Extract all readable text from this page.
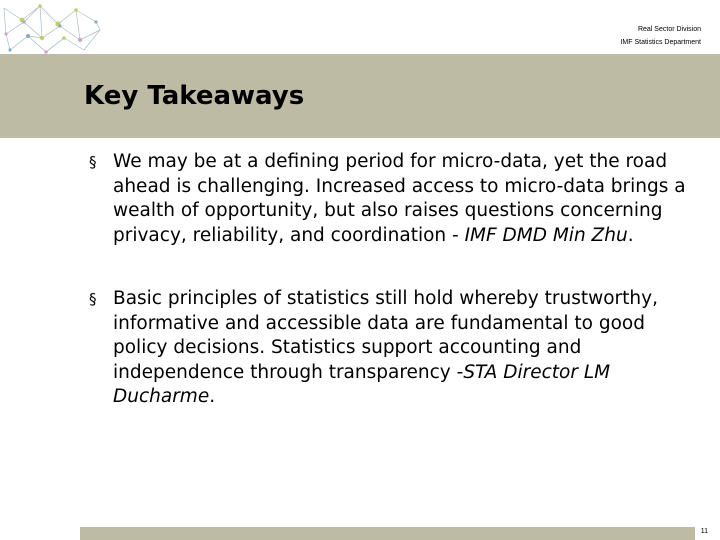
Real Sector Division
IMF Statistics Department
Key Takeaways
§ We may be at a defining period for micro-data, yet the road ahead is challenging. Increased access to micro-data brings a wealth of opportunity, but also raises questions concerning privacy, reliability, and coordination - IMF DMD Min Zhu.
§ Basic principles of statistics still hold whereby trustworthy, informative and accessible data are fundamental to good policy decisions. Statistics support accounting and independence through transparency -STA Director LM Ducharme.
11
